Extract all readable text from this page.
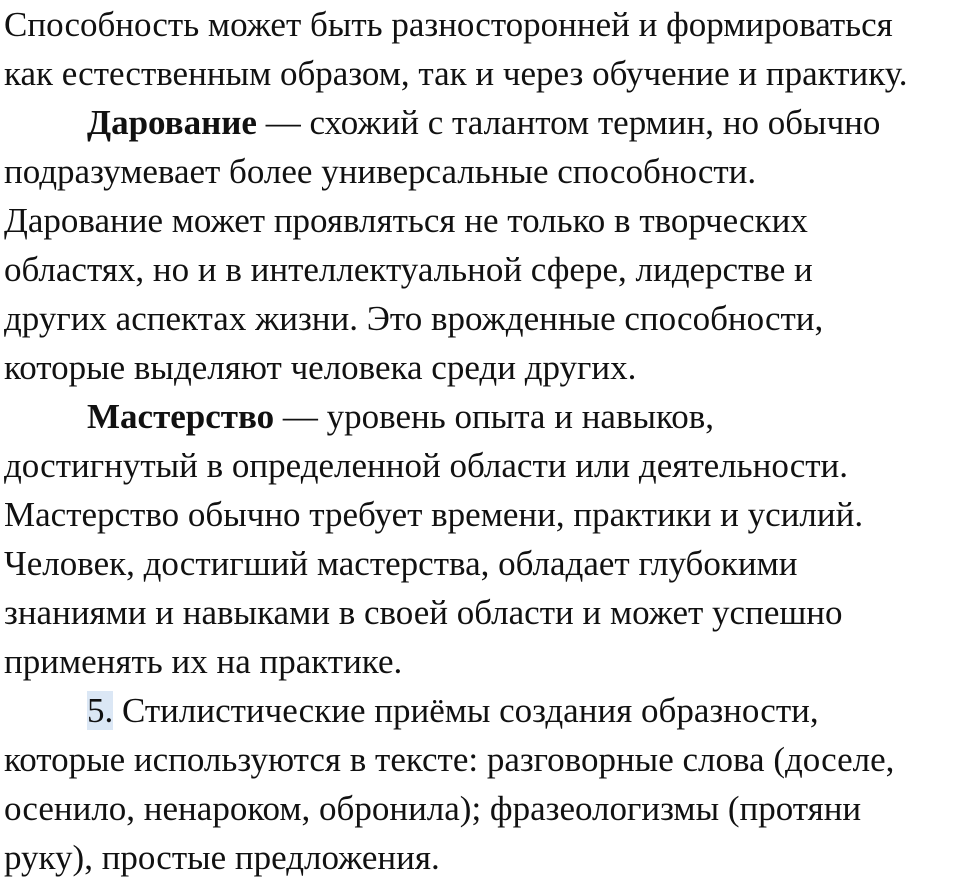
Способность может быть разносторонней и формироваться
как естественным образом, так и через обучение и практику.
Дарование — схожий с талантом термин, но обычно
подразумевает более универсальные способности.
Дарование может проявляться не только в творческих
областях, но и в интеллектуальной сфере, лидерстве и
других аспектах жизни. Это врожденные способности,
которые выделяют человека среди других.
Мастерство — уровень опыта и навыков,
достигнутый в определенной области или деятельности.
Мастерство обычно требует времени, практики и усилий.
Человек, достигший мастерства, обладает глубокими
знаниями и навыками в своей области и может успешно
применять их на практике.
5. Стилистические приёмы создания образности,
которые используются в тексте: разговорные слова (доселе,
осенило, ненароком, обронила); фразеологизмы (протяни
руку), простые предложения.
